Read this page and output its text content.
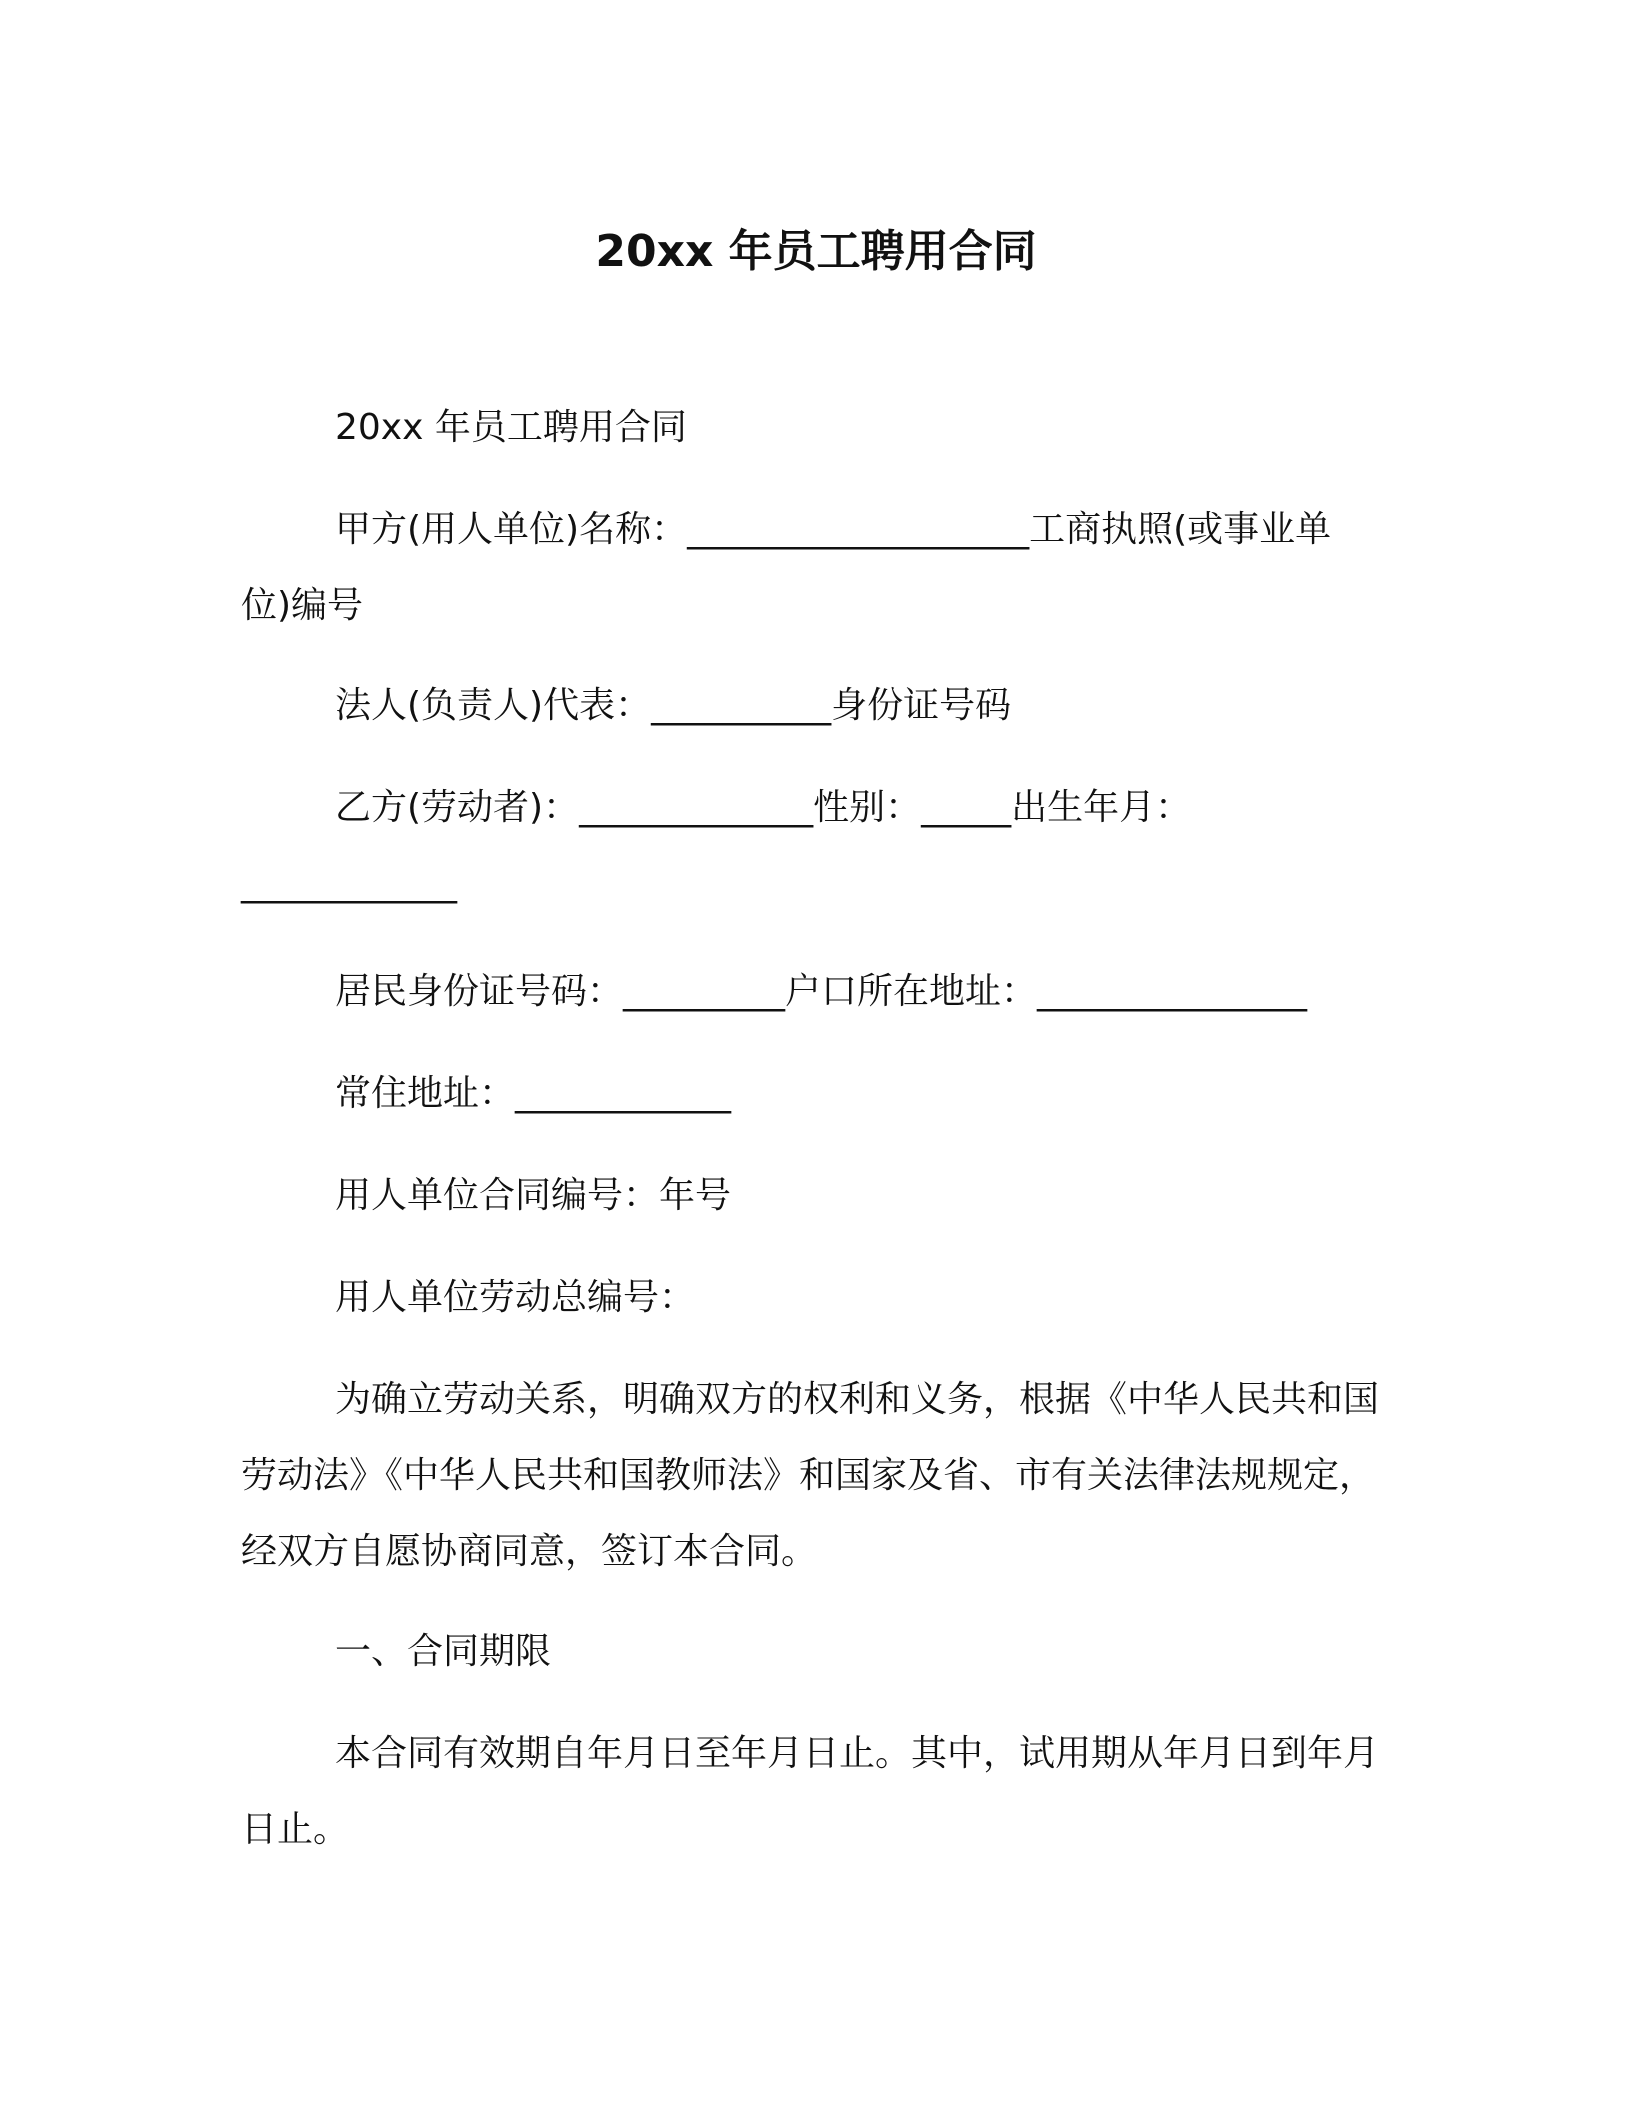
20xx 年员工聘用合同
20xx 年员工聘用合同
甲方(用人单位)名称：___________________工商执照(或事业单位)编号
法人(负责人)代表：__________身份证号码
乙方(劳动者)：_____________性别：_____出生年月：____________
居民身份证号码：_________户口所在地址：_______________
常住地址：____________
用人单位合同编号：年号
用人单位劳动总编号：
为确立劳动关系，明确双方的权利和义务，根据《中华人民共和国劳动法》《中华人民共和国教师法》和国家及省、市有关法律法规规定，经双方自愿协商同意，签订本合同。
一、合同期限
本合同有效期自年月日至年月日止。其中，试用期从年月日到年月日止。
